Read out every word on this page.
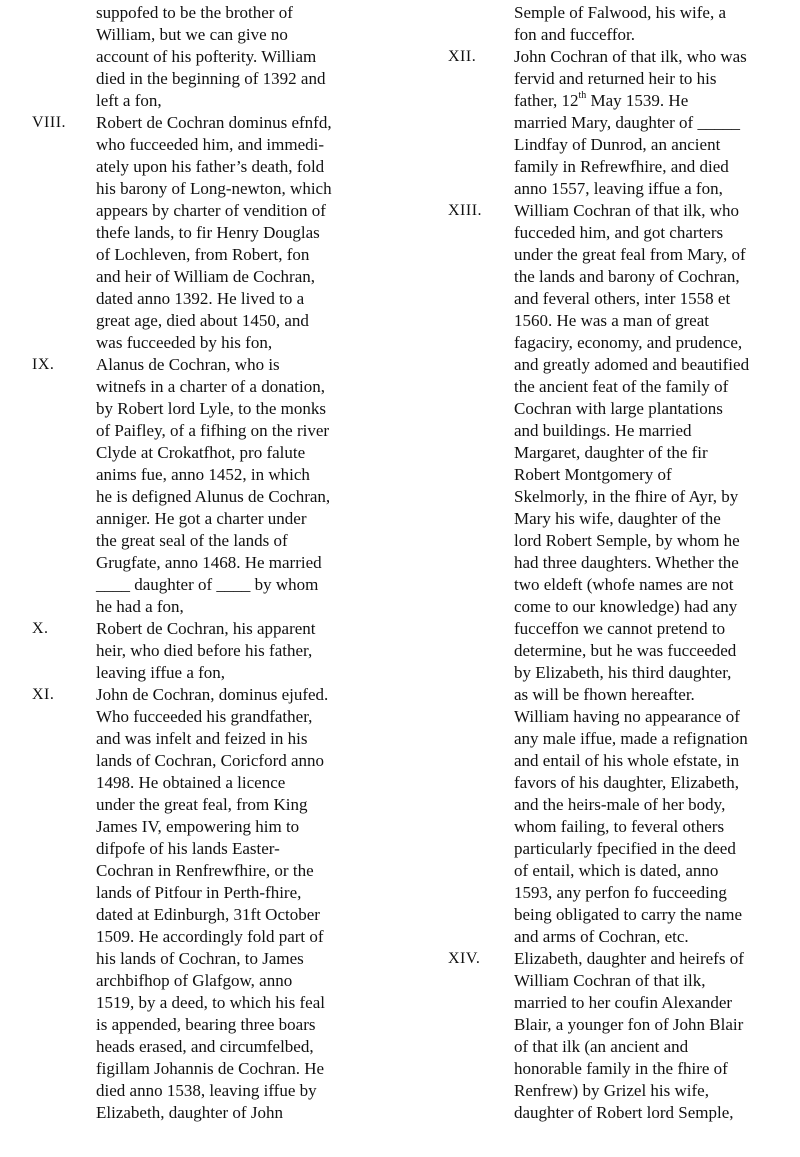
suppofed to be the brother of
William, but we can give no
account of his pofterity. William
died in the beginning of 1392 and
left a fon,
VIII. Robert de Cochran dominus efnfd,
who fucceeded him, and immedi-
ately upon his father’s death, fold
his barony of Long-newton, which
appears by charter of vendition of
thefe lands, to fir Henry Douglas
of Lochleven, from Robert, fon
and heir of William de Cochran,
dated anno 1392. He lived to a
great age, died about 1450, and
was fucceeded by his fon,
IX. Alanus de Cochran, who is
witnefs in a charter of a donation,
by Robert lord Lyle, to the monks
of Paifley, of a fifhing on the river
Clyde at Crokatfhot, pro falute
anims fue, anno 1452, in which
he is defigned Alunus de Cochran,
anniger. He got a charter under
the great seal of the lands of
Grugfate, anno 1468. He married
____ daughter of ____ by whom
he had a fon,
X.	Robert de Cochran, his apparent
heir, who died before his father,
leaving iffue a fon,
XI. John de Cochran, dominus ejufed.
Who fucceeded his grandfather,
and was infelt and feized in his
lands of Cochran, Coricford anno
1498. He obtained a licence
under the great feal, from King
James IV, empowering him to
difpofe of his lands Easter-
Cochran in Renfrewfhire, or the
lands of Pitfour in Perth-fhire,
dated at Edinburgh, 31ft October
1509. He accordingly fold part of
his lands of Cochran, to James
archbifhop of Glafgow, anno
1519, by a deed, to which his feal
is appended, bearing three boars
heads erased, and circumfelbed,
figillam Johannis de Cochran. He
died anno 1538, leaving iffue by
Elizabeth, daughter of John
Semple of Falwood, his wife, a
fon and fucceffor.
XII. John Cochran of that ilk, who was
fervid and returned heir to his
father, 12th May 1539. He
married Mary, daughter of _____
Lindfay of Dunrod, an ancient
family in Refrewfhire, and died
anno 1557, leaving iffue a fon,
XIII. William Cochran of that ilk, who
fucceded him, and got charters
under the great feal from Mary, of
the lands and barony of Cochran,
and feveral others, inter 1558 et
1560. He was a man of great
fagaciry, economy, and prudence,
and greatly adomed and beautified
the ancient feat of the family of
Cochran with large plantations
and buildings. He married
Margaret, daughter of the fir
Robert Montgomery of
Skelmorly, in the fhire of Ayr, by
Mary his wife, daughter of the
lord Robert Semple, by whom he
had three daughters. Whether the
two eldeft (whofe names are not
come to our knowledge) had any
fucceffon we cannot pretend to
determine, but he was fucceeded
by Elizabeth, his third daughter,
as will be fhown hereafter.
William having no appearance of
any male iffue, made a refignation
and entail of his whole efstate, in
favors of his daughter, Elizabeth,
and the heirs-male of her body,
whom failing, to feveral others
particularly fpecified in the deed
of entail, which is dated, anno
1593, any perfon fo fucceeding
being obligated to carry the name
and arms of Cochran, etc.
XIV. Elizabeth, daughter and heirefs of
William Cochran of that ilk,
married to her coufin Alexander
Blair, a younger fon of John Blair
of that ilk (an ancient and
honorable family in the fhire of
Renfrew) by Grizel his wife,
daughter of Robert lord Semple,
